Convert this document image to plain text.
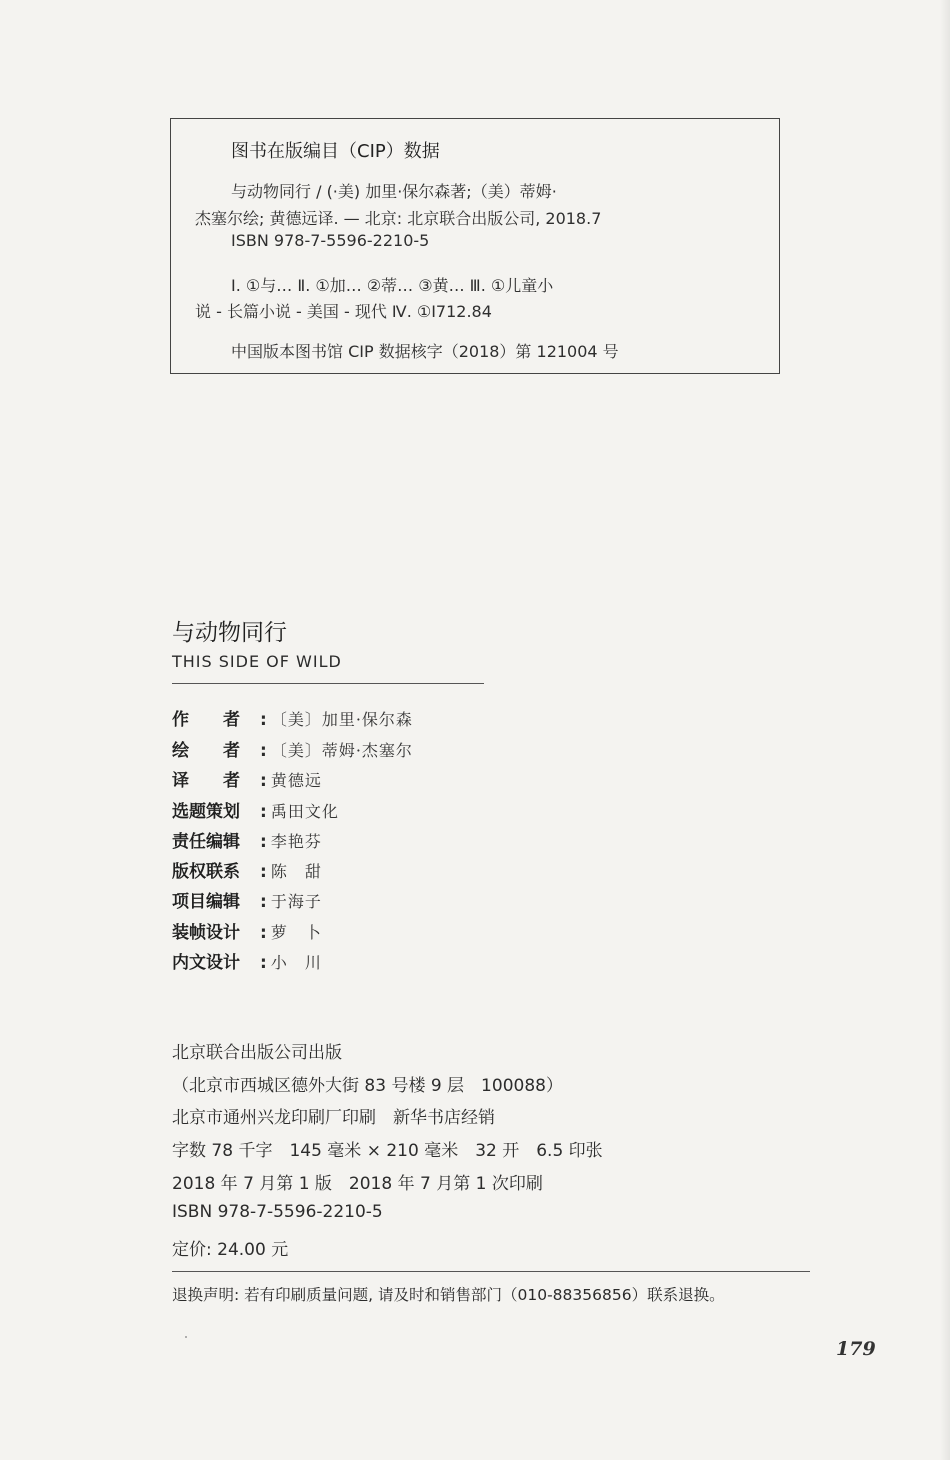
图书在版编目（CIP）数据
与动物同行 / (·美) 加里·保尔森著;（美）蒂姆·
杰塞尔绘; 黄德远译. — 北京: 北京联合出版公司, 2018.7
ISBN 978-7-5596-2210-5
Ⅰ. ①与… Ⅱ. ①加… ②蒂… ③黄… Ⅲ. ①儿童小
说 - 长篇小说 - 美国 - 现代 Ⅳ. ①I712.84
中国版本图书馆 CIP 数据核字（2018）第 121004 号
与动物同行
THIS SIDE OF WILD
作　　者 : 〔美〕加里·保尔森
绘　　者 : 〔美〕蒂姆·杰塞尔
译　　者 : 黄德远
选题策划 : 禹田文化
责任编辑 : 李艳芬
版权联系 : 陈　甜
项目编辑 : 于海子
装帧设计 : 萝　卜
内文设计 : 小　川
北京联合出版公司出版
（北京市西城区德外大街 83 号楼 9 层　100088）
北京市通州兴龙印刷厂印刷　新华书店经销
字数 78 千字　145 毫米 × 210 毫米　32 开　6.5 印张
2018 年 7 月第 1 版　2018 年 7 月第 1 次印刷
ISBN 978-7-5596-2210-5
定价: 24.00 元
退换声明: 若有印刷质量问题, 请及时和销售部门（010-88356856）联系退换。
179
